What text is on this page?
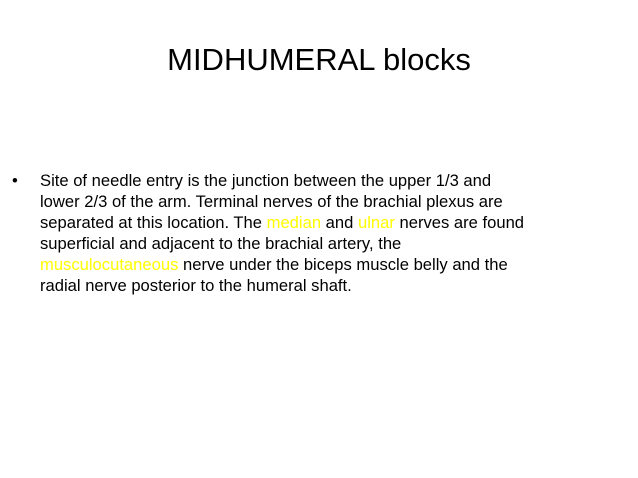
MIDHUMERAL blocks
•	Site of needle entry is the junction between the upper 1/3 and
lower 2/3 of the arm. Terminal nerves of the brachial plexus are
separated at this location. The median and ulnar nerves are found
superficial and adjacent to the brachial artery, the
musculocutaneous nerve under the biceps muscle belly and the
radial nerve posterior to the humeral shaft.
